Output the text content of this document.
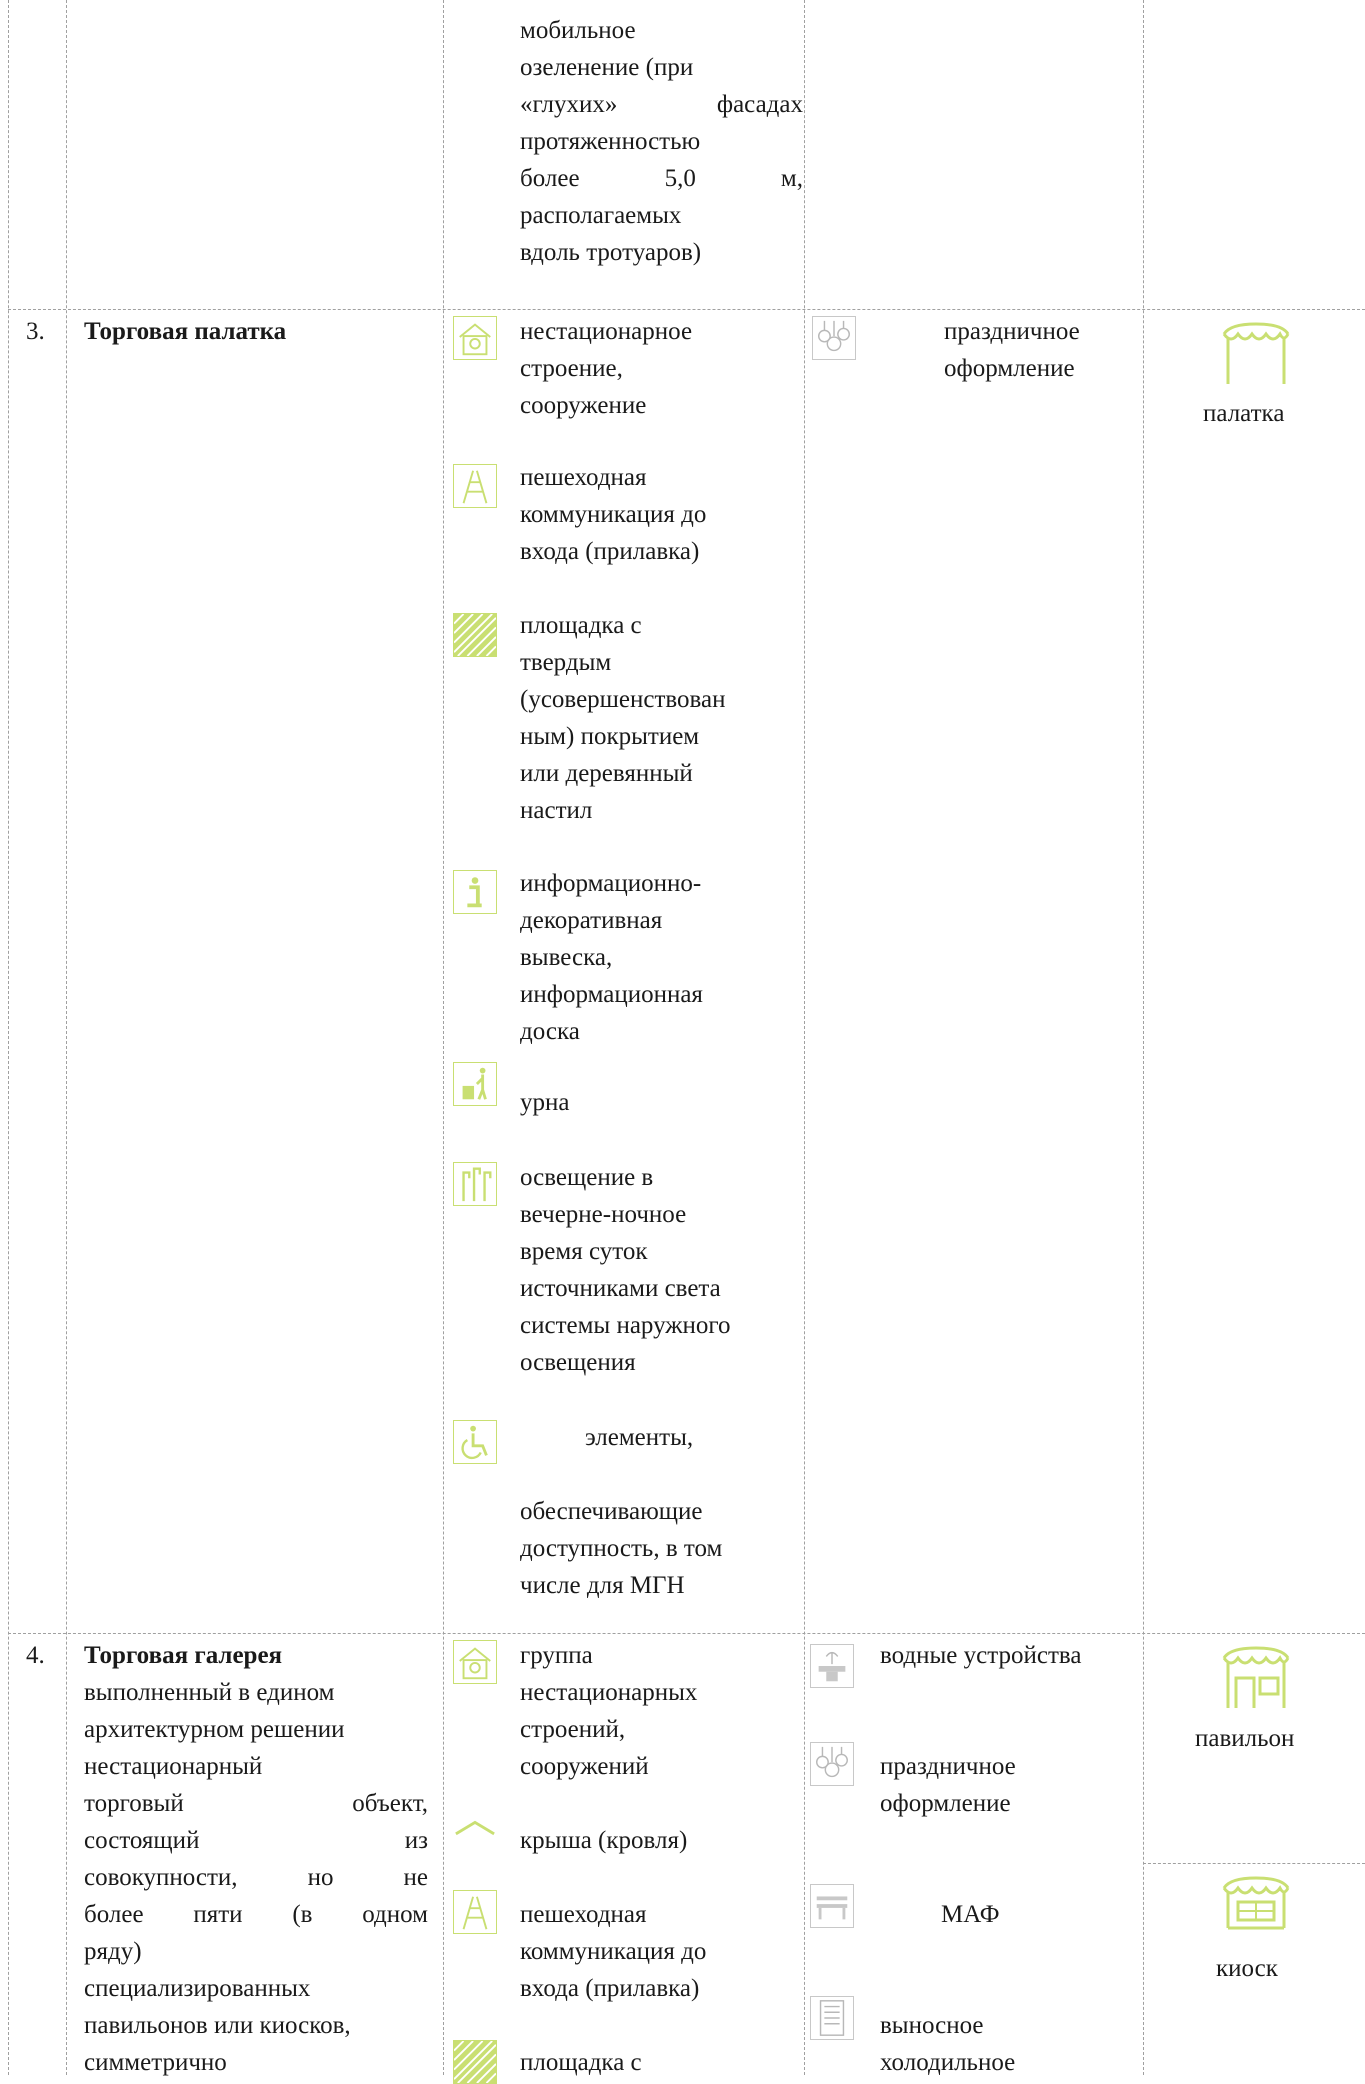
мобильное
озеленение (при
«глухих» фасадах
протяженностью
более 5,0 м,
располагаемых
вдоль тротуаров)
3. Торговая палатка	нестационарное
строение,
сооружение
пешеходная
коммуникация до
входа (прилавка)
площадка с
твердым
(усовершенствован
ным) покрытием
или деревянный
настил
информационно-
декоративная
вывеска,
информационная
доска
урна
освещение в
вечерне-ночное
время суток
источниками света
системы наружного
освещения
элементы,
обеспечивающие
доступность, в том
числе для МГН
праздничное
оформление
палатка
4. Торговая галерея
выполненный в едином
архитектурном решении
нестационарный
торговый объект,
состоящий из
совокупности, но не
более пяти (в одном
ряду)
специализированных
павильонов или киосков,
симметрично
группа
нестационарных
строений,
сооружений
крыша (кровля)
пешеходная
коммуникация до
входа (прилавка)
площадка с
водные устройства
праздничное
оформление
МАФ
выносное
холодильное
павильон
киоск
